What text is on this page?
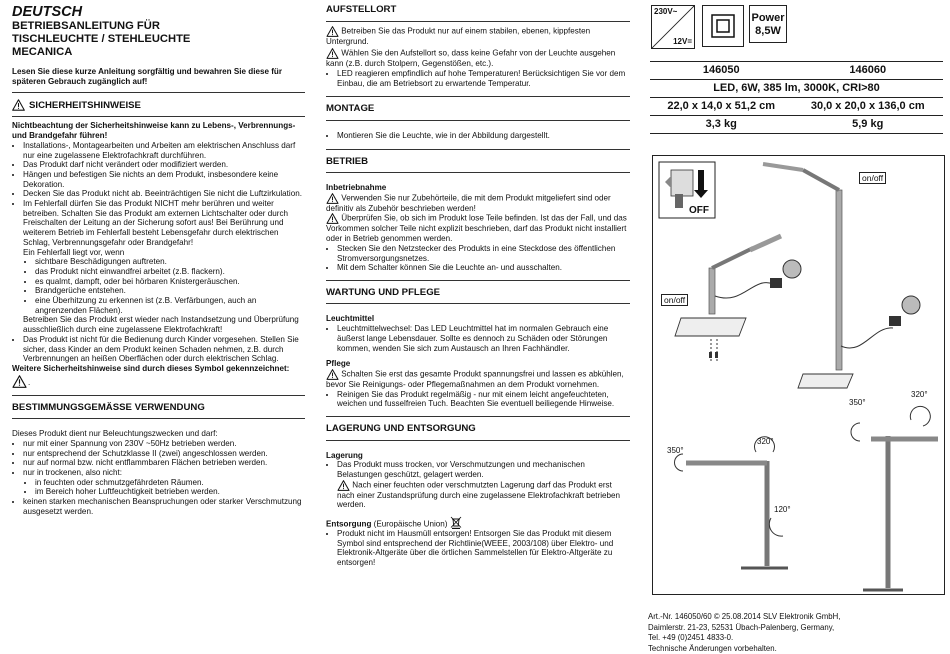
DEUTSCH
BETRIEBSANLEITUNG FÜR
TISCHLEUCHTE / STEHLEUCHTE
MECANICA
Lesen Sie diese kurze Anleitung sorgfältig und bewahren Sie diese für späteren Gebrauch zugänglich auf!
SICHERHEITSHINWEISE

Nichtbeachtung der Sicherheitshinweise kann zu Lebens-, Verbrennungs- und Brandgefahr führen!

• Installations-, Montagearbeiten und Arbeiten am elektrischen Anschluss darf nur eine zugelassene Elektrofachkraft durchführen.
• Das Produkt darf nicht verändert oder modifiziert werden.
• Hängen und befestigen Sie nichts an dem Produkt, insbesondere keine Dekoration.
• Decken Sie das Produkt nicht ab. Beeinträchtigen Sie nicht die Luftzirkulation.
• Im Fehlerfall dürfen Sie das Produkt NICHT mehr berühren und weiter betreiben. Schalten Sie das Produkt am externen Lichtschalter oder durch Freischalten der Leitung an der Sicherung sofort aus! Bei Berührung und weiterem Betrieb im Fehlerfall besteht Lebensgefahr durch elektrischen Schlag, Verbrennungsgefahr oder Brandgefahr!
Ein Fehlerfall liegt vor, wenn
• sichtbare Beschädigungen auftreten.
• das Produkt nicht einwandfrei arbeitet (z.B. flackern).
• es qualmt, dampft, oder bei hörbaren Knistergeräuschen.
• Brandgerüche entstehen.
• eine Überhitzung zu erkennen ist (z.B. Verfärbungen, auch an angrenzenden Flächen).
Betreiben Sie das Produkt erst wieder nach Instandsetzung und Überprüfung ausschließlich durch eine zugelassene Elektrofachkraft!
• Das Produkt ist nicht für die Bedienung durch Kinder vorgesehen. Stellen Sie sicher, dass Kinder an dem Produkt keinen Schaden nehmen, z.B. durch Verbrennungen an heißen Oberflächen oder durch elektrischen Schlag.

Weitere Sicherheitshinweise sind durch dieses Symbol gekennzeichnet:

.
BESTIMMUNGSGEMÄSSE VERWENDUNG

Dieses Produkt dient nur Beleuchtungszwecken und darf:

• nur mit einer Spannung von 230V ~50Hz betrieben werden.
• nur entsprechend der Schutzklasse II (zwei) angeschlossen werden.
• nur auf normal bzw. nicht entflammbaren Flächen betrieben werden.
• nur in trockenen, also nicht:
• in feuchten oder schmutzgefährdeten Räumen.
• im Bereich hoher Luftfeuchtigkeit betrieben werden.
• keinen starken mechanischen Beanspruchungen oder starker Verschmutzung ausgesetzt werden.
AUFSTELLORT

Betreiben Sie das Produkt nur auf einem stabilen, ebenen, kippfesten Untergrund.

Wählen Sie den Aufstellort so, dass keine Gefahr von der Leuchte ausgehen kann (z.B. durch Stolpern, Gegenstößen, etc.).

• LED reagieren empfindlich auf hohe Temperaturen! Berücksichtigen Sie vor dem Einbau, die am Betriebsort zu erwartende Temperatur.
MONTAGE
• Montieren Sie die Leuchte, wie in der Abbildung dargestellt.
BETRIEB

Inbetriebnahme

Verwenden Sie nur Zubehörteile, die mit dem Produkt mitgeliefert sind oder definitiv als Zubehör beschrieben werden!

Überprüfen Sie, ob sich im Produkt lose Teile befinden. Ist das der Fall, und das Vorkommen solcher Teile nicht explizit beschrieben, darf das Produkt nicht installiert oder in Betrieb genommen werden.

• Stecken Sie den Netzstecker des Produkts in eine Steckdose des öffentlichen Stromversorgungsnetzes.
• Mit dem Schalter können Sie die Leuchte an- und ausschalten.
WARTUNG UND PFLEGE

Leuchtmittel

• Leuchtmittelwechsel: Das LED Leuchtmittel hat im normalen Gebrauch eine äußerst lange Lebensdauer. Sollte es dennoch zu Schäden oder Störungen kommen, wenden Sie sich zum Austausch an Ihren Fachhändler.

Pflege

Schalten Sie erst das gesamte Produkt spannungsfrei und lassen es abkühlen, bevor Sie Reinigungs- oder Pflegemaßnahmen an dem Produkt vornehmen.

• Reinigen Sie das Produkt regelmäßig - nur mit einem leicht angefeuchteten, weichen und fusselfreien Tuch. Beachten Sie eventuell beiliegende Hinweise.
LAGERUNG UND ENTSORGUNG

Lagerung

• Das Produkt muss trocken, vor Verschmutzungen und mechanischen Belastungen geschützt, gelagert werden.

Nach einer feuchten oder verschmutzten Lagerung darf das Produkt erst nach einer Zustandsprüfung durch eine zugelassene Elektrofachkraft betrieben werden.

Entsorgung (Europäische Union)

• Produkt nicht im Hausmüll entsorgen! Entsorgen Sie das Produkt mit diesem Symbol sind entsprechend der Richtlinie(WEEE, 2003/108) über Elektro- und Elektronik-Altgeräte über die örtlichen Sammelstellen für Elektro-Altgeräte zu entsorgen!
230V~
12V=
Power
8,5W
146050	146060
LED, 6W, 385 lm, 3000K, CRI>80	
22,0 x 14,0 x 51,2 cm	30,0 x 20,0 x 136,0 cm
3,3 kg	5,9 kg
OFF
on/off
on/off
350°
320°
350°
320°
120°
Art.-Nr. 146050/60 © 25.08.2014 SLV Elektronik GmbH,
Daimlerstr. 21-23, 52531 Übach-Palenberg, Germany,
Tel. +49 (0)2451 4833-0.
Technische Änderungen vorbehalten.
